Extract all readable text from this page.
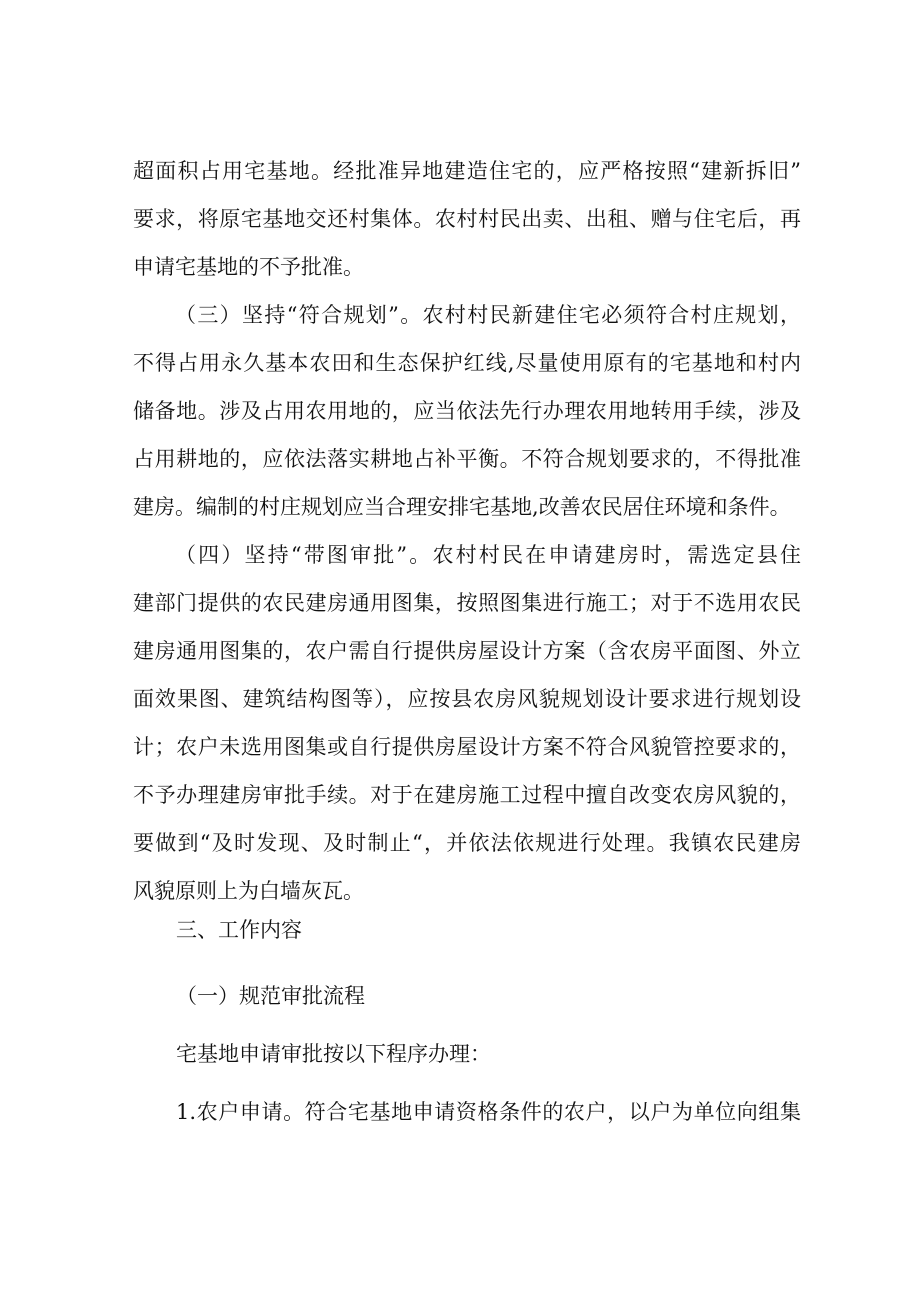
超面积占用宅基地。经批准异地建造住宅的，应严格按照“建新拆旧”
要求，将原宅基地交还村集体。农村村民出卖、出租、赠与住宅后，再
申请宅基地的不予批准。
（三）坚持“符合规划”。农村村民新建住宅必须符合村庄规划，
不得占用永久基本农田和生态保护红线,尽量使用原有的宅基地和村内
储备地。涉及占用农用地的，应当依法先行办理农用地转用手续，涉及
占用耕地的，应依法落实耕地占补平衡。不符合规划要求的，不得批准
建房。编制的村庄规划应当合理安排宅基地,改善农民居住环境和条件。
（四）坚持“带图审批”。农村村民在申请建房时，需选定县住
建部门提供的农民建房通用图集，按照图集进行施工；对于不选用农民
建房通用图集的，农户需自行提供房屋设计方案（含农房平面图、外立
面效果图、建筑结构图等），应按县农房风貌规划设计要求进行规划设
计；农户未选用图集或自行提供房屋设计方案不符合风貌管控要求的，
不予办理建房审批手续。对于在建房施工过程中擅自改变农房风貌的，
要做到“及时发现、及时制止“，并依法依规进行处理。我镇农民建房
风貌原则上为白墙灰瓦。
三、工作内容
（一）规范审批流程
宅基地申请审批按以下程序办理：
1.农户申请。符合宅基地申请资格条件的农户，以户为单位向组集
